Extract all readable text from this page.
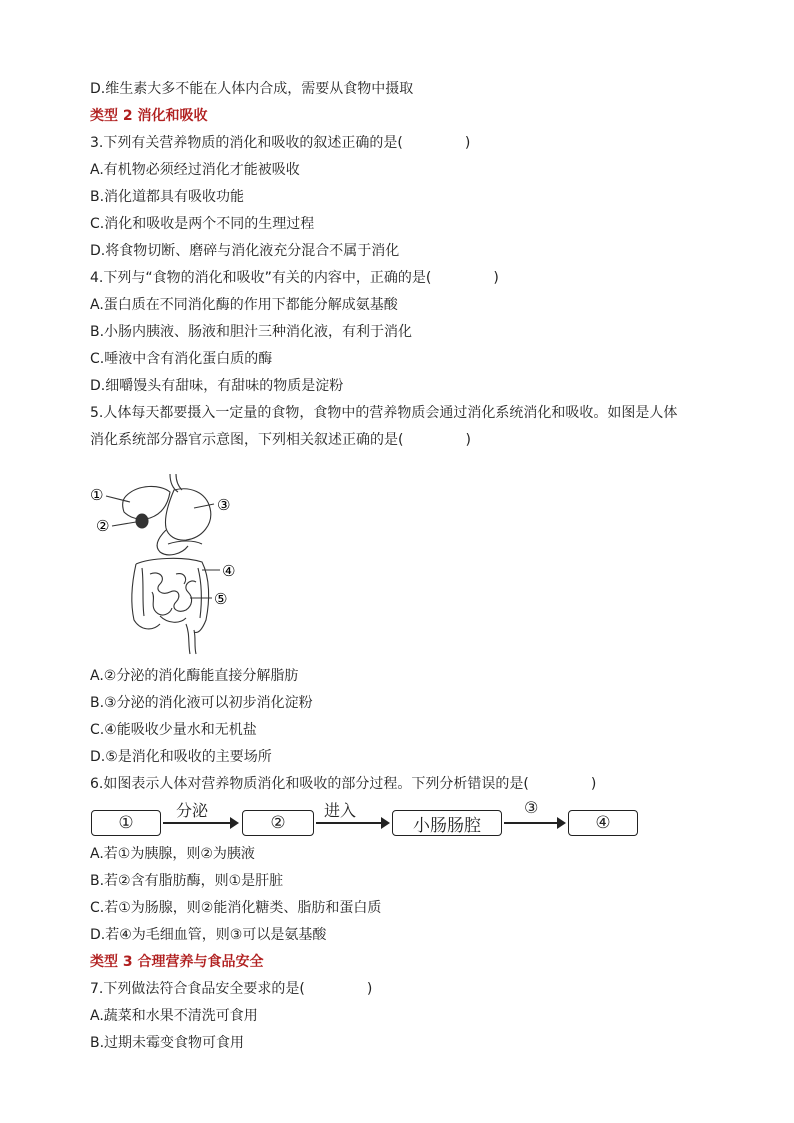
D.维生素大多不能在人体内合成，需要从食物中摄取
类型 2 消化和吸收
3.下列有关营养物质的消化和吸收的叙述正确的是(	)
A.有机物必须经过消化才能被吸收
B.消化道都具有吸收功能
C.消化和吸收是两个不同的生理过程
D.将食物切断、磨碎与消化液充分混合不属于消化
4.下列与“食物的消化和吸收”有关的内容中，正确的是(	)
A.蛋白质在不同消化酶的作用下都能分解成氨基酸
B.小肠内胰液、肠液和胆汁三种消化液，有利于消化
C.唾液中含有消化蛋白质的酶
D.细嚼馒头有甜味，有甜味的物质是淀粉
5.人体每天都要摄入一定量的食物，食物中的营养物质会通过消化系统消化和吸收。如图是人体
消化系统部分器官示意图，下列相关叙述正确的是(	)
①
②
③
④
⑤
A.②分泌的消化酶能直接分解脂肪
B.③分泌的消化液可以初步消化淀粉
C.④能吸收少量水和无机盐
D.⑤是消化和吸收的主要场所
6.如图表示人体对营养物质消化和吸收的部分过程。下列分析错误的是(	)
①
分泌
②
进入
小肠肠腔
③
④
A.若①为胰腺，则②为胰液
B.若②含有脂肪酶，则①是肝脏
C.若①为肠腺，则②能消化糖类、脂肪和蛋白质
D.若④为毛细血管，则③可以是氨基酸
类型 3 合理营养与食品安全
7.下列做法符合食品安全要求的是(	)
A.蔬菜和水果不清洗可食用
B.过期未霉变食物可食用
